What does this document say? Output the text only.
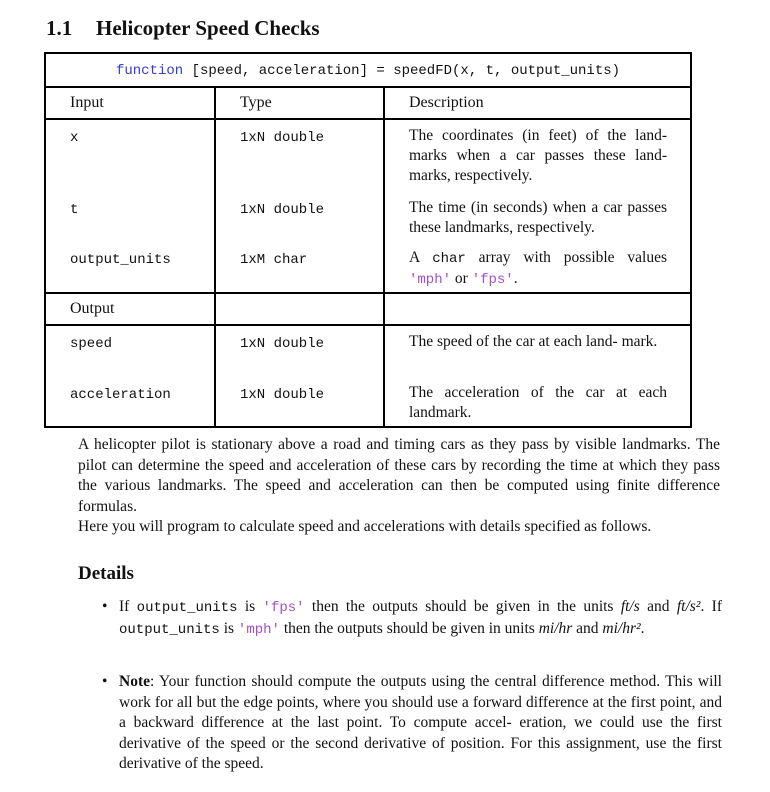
1.1 Helicopter Speed Checks
function [speed, acceleration] = speedFD(x, t, output_units)
Input	Type	Description
x	1xN double	The coordinates (in feet) of the land- marks when a car passes these land- marks, respectively.
t	1xN double	The time (in seconds) when a car passes these landmarks, respectively.
output_units	1xM char	A char array with possible values 'mph' or 'fps'.
Output
speed	1xN double	The speed of the car at each land- mark.
acceleration	1xN double	The acceleration of the car at each landmark.
A helicopter pilot is stationary above a road and timing cars as they pass by visible landmarks. The pilot can determine the speed and acceleration of these cars by recording the time at which they pass the various landmarks. The speed and acceleration can then be computed using finite difference formulas.
Here you will program to calculate speed and accelerations with details specified as follows.
Details
• If output_units is 'fps' then the outputs should be given in the units ft/s and ft/s². If output_units is 'mph' then the outputs should be given in units mi/hr and mi/hr².
• Note: Your function should compute the outputs using the central difference method. This will work for all but the edge points, where you should use a forward difference at the first point, and a backward difference at the last point. To compute accel- eration, we could use the first derivative of the speed or the second derivative of position. For this assignment, use the first derivative of the speed.
